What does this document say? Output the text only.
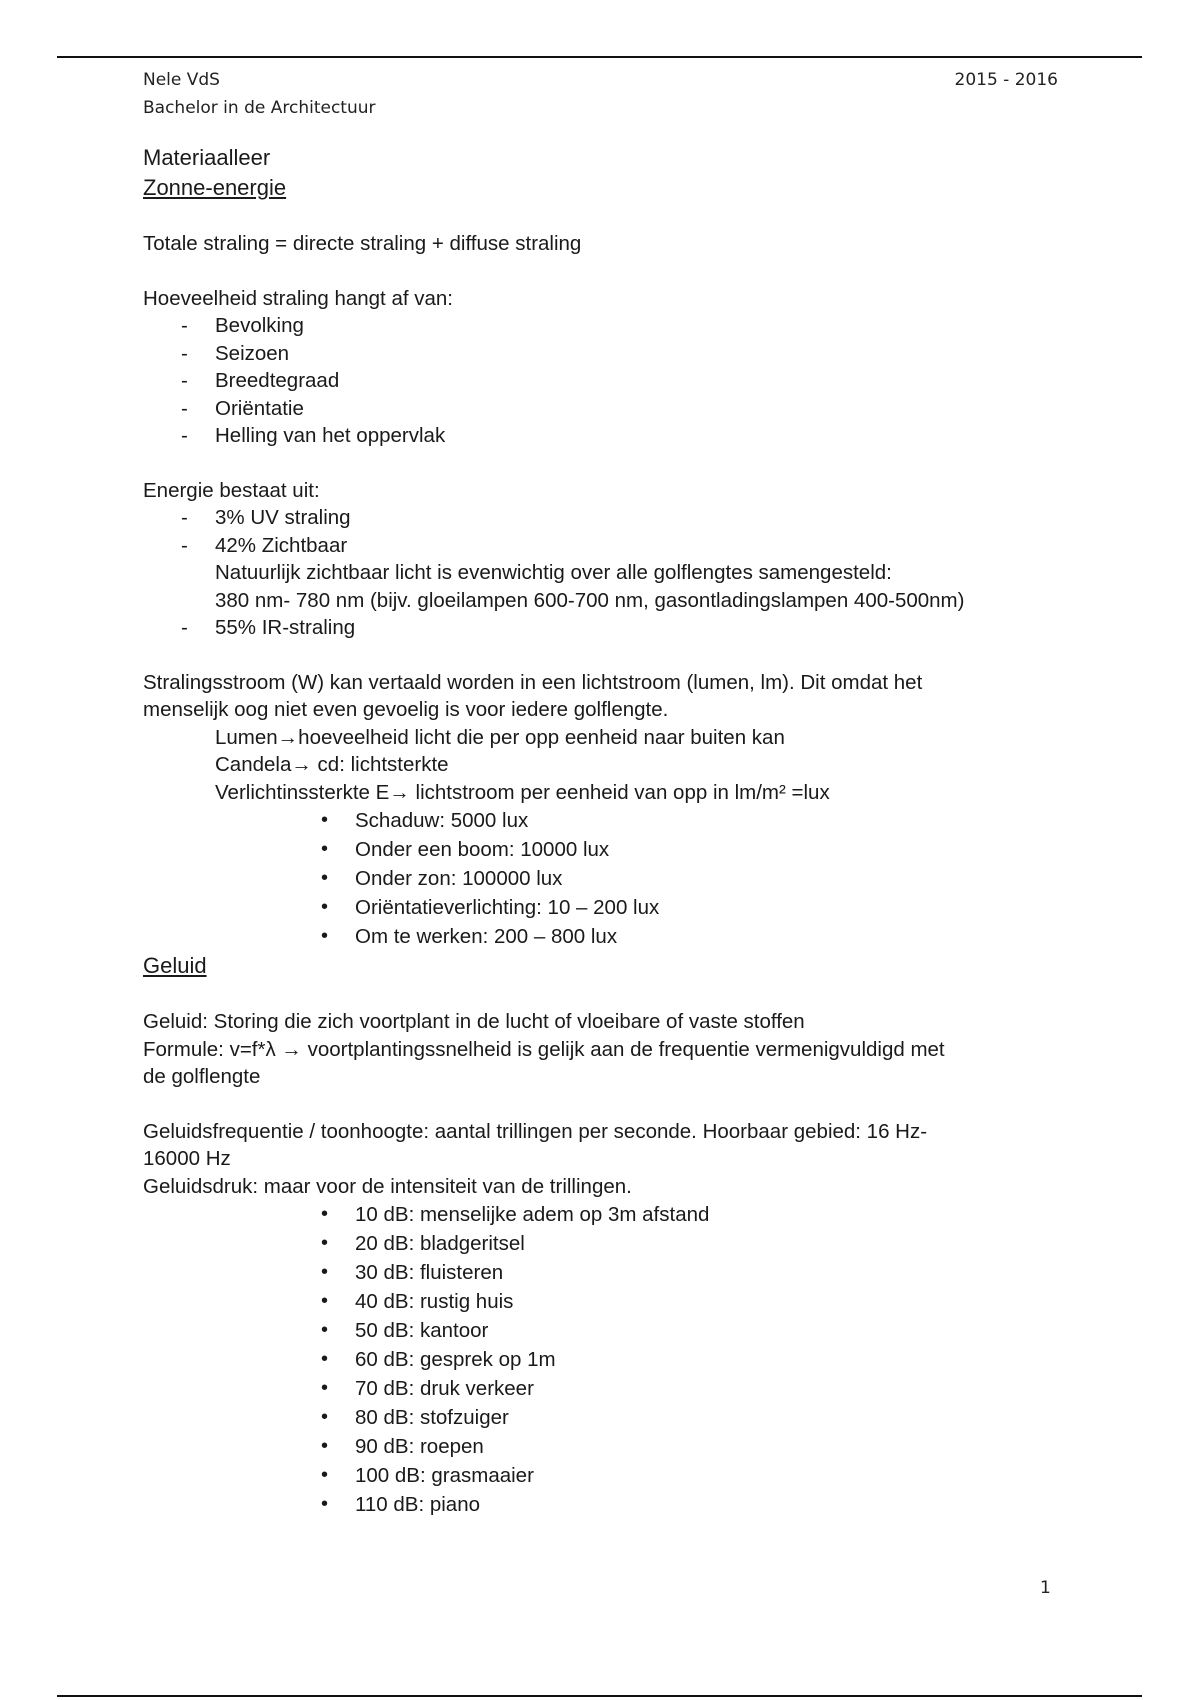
Nele VdS
Bachelor in de Architectuur
2015 - 2016

Materiaalleer

Zonne-energie

Totale straling = directe straling + diffuse straling

Hoeveelheid straling hangt af van:

- Bevolking
- Seizoen
- Breedtegraad
- Oriëntatie
- Helling van het oppervlak

Energie bestaat uit:

- 3% UV straling
- 42% Zichtbaar

Natuurlijk zichtbaar licht is evenwichtig over alle golflengtes samengesteld:

380 nm- 780 nm (bijv. gloeilampen 600-700 nm, gasontladingslampen 400-500nm)

- 55% IR-straling

Stralingsstroom (W) kan vertaald worden in een lichtstroom (lumen, lm). Dit omdat het

menselijk oog niet even gevoelig is voor iedere golflengte.

Lumen→hoeveelheid licht die per opp eenheid naar buiten kan

Candela→ cd: lichtsterkte

Verlichtinssterkte E→ lichtstroom per eenheid van opp in lm/m² =lux

• Schaduw: 5000 lux
• Onder een boom: 10000 lux
• Onder zon: 100000 lux
• Oriëntatieverlichting: 10 – 200 lux
• Om te werken: 200 – 800 lux

Geluid

Geluid: Storing die zich voortplant in de lucht of vloeibare of vaste stoffen

Formule: v=f*λ → voortplantingssnelheid is gelijk aan de frequentie vermenigvuldigd met

de golflengte

Geluidsfrequentie / toonhoogte: aantal trillingen per seconde. Hoorbaar gebied: 16 Hz-

16000 Hz

Geluidsdruk: maar voor de intensiteit van de trillingen.

• 10 dB: menselijke adem op 3m afstand
• 20 dB: bladgeritsel
• 30 dB: fluisteren
• 40 dB: rustig huis
• 50 dB: kantoor
• 60 dB: gesprek op 1m
• 70 dB: druk verkeer
• 80 dB: stofzuiger
• 90 dB: roepen
• 100 dB: grasmaaier
• 110 dB: piano
1
